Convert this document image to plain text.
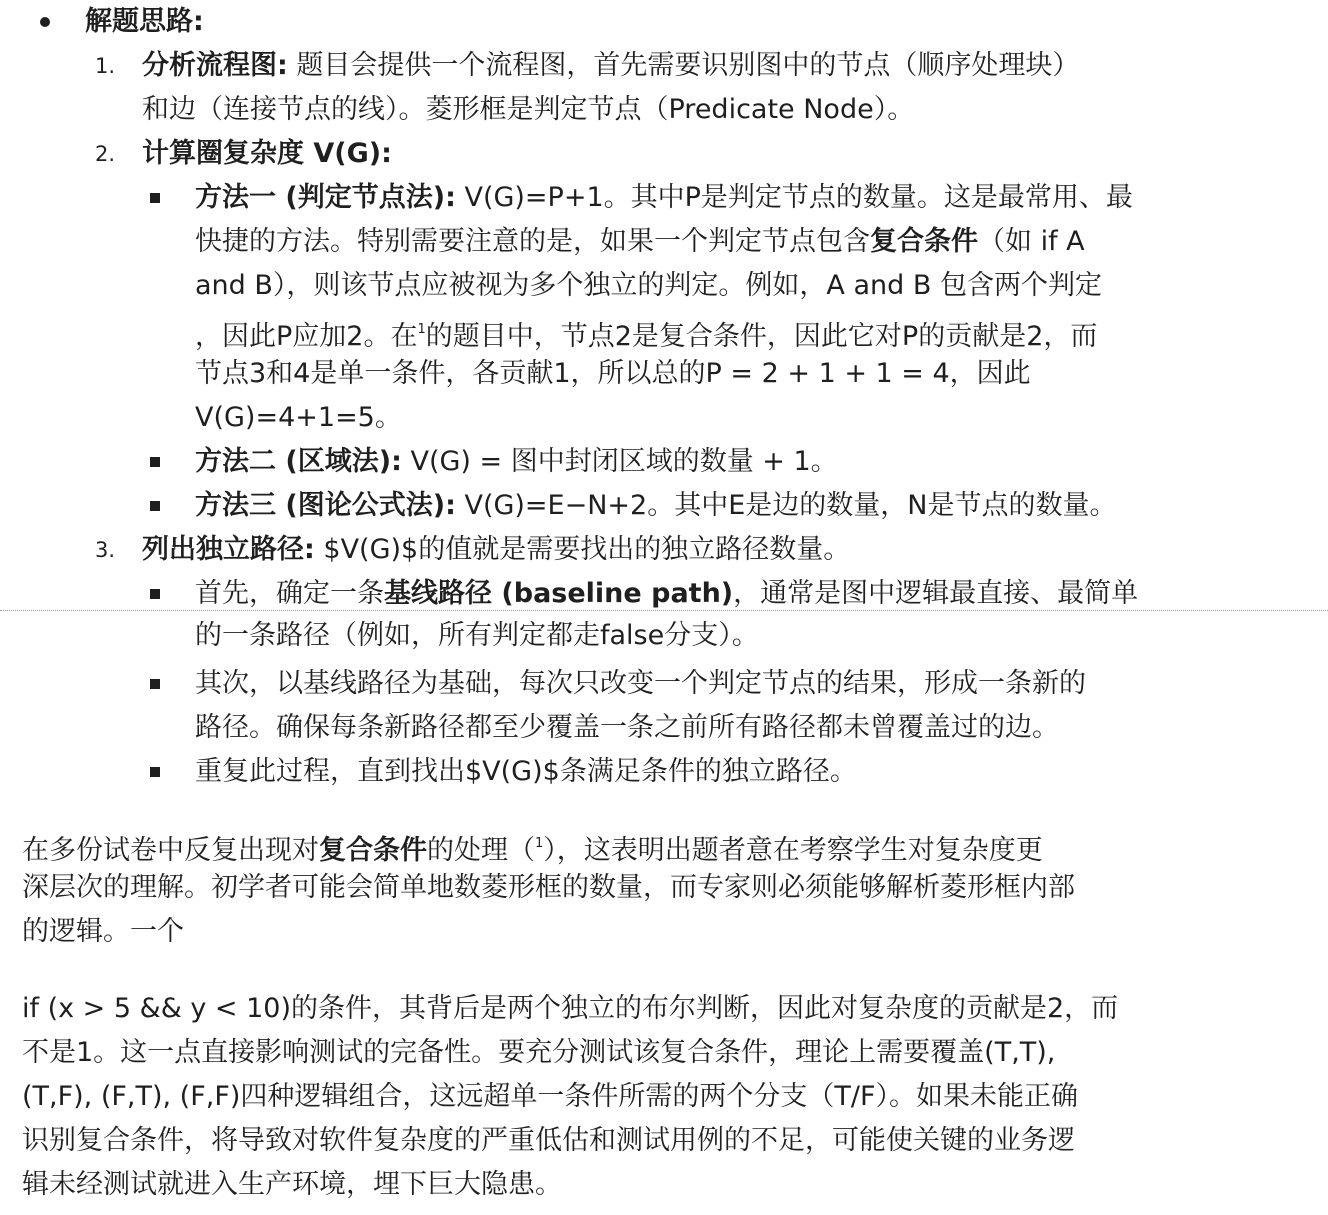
解题思路:
1. 分析流程图: 题目会提供一个流程图，首先需要识别图中的节点（顺序处理块）
和边（连接节点的线）。菱形框是判定节点（Predicate Node）。
2. 计算圈复杂度 V(G):
方法一 (判定节点法): V(G)=P+1。其中P是判定节点的数量。这是最常用、最
快捷的方法。特别需要注意的是，如果一个判定节点包含复合条件（如 if A
and B），则该节点应被视为多个独立的判定。例如，A and B 包含两个判定
，因此P应加2。在$^1$的题目中，节点2是复合条件，因此它对P的贡献是2，而
节点3和4是单一条件，各贡献1，所以总的P = 2 + 1 + 1 = 4，因此
V(G)=4+1=5。
方法二 (区域法): V(G) = 图中封闭区域的数量 + 1。
方法三 (图论公式法): V(G)=E−N+2。其中E是边的数量，N是节点的数量。
3. 列出独立路径: $V(G)$的值就是需要找出的独立路径数量。
首先，确定一条基线路径 (baseline path)，通常是图中逻辑最直接、最简单
的一条路径（例如，所有判定都走false分支）。
其次，以基线路径为基础，每次只改变一个判定节点的结果，形成一条新的
路径。确保每条新路径都至少覆盖一条之前所有路径都未曾覆盖过的边。
重复此过程，直到找出$V(G)$条满足条件的独立路径。
在多份试卷中反复出现对复合条件的处理（$^1$），这表明出题者意在考察学生对复杂度更
深层次的理解。初学者可能会简单地数菱形框的数量，而专家则必须能够解析菱形框内部
的逻辑。一个
if (x > 5 && y < 10)的条件，其背后是两个独立的布尔判断，因此对复杂度的贡献是2，而
不是1。这一点直接影响测试的完备性。要充分测试该复合条件，理论上需要覆盖(T,T),
(T,F), (F,T), (F,F)四种逻辑组合，这远超单一条件所需的两个分支（T/F）。如果未能正确
识别复合条件，将导致对软件复杂度的严重低估和测试用例的不足，可能使关键的业务逻
辑未经测试就进入生产环境，埋下巨大隐患。
